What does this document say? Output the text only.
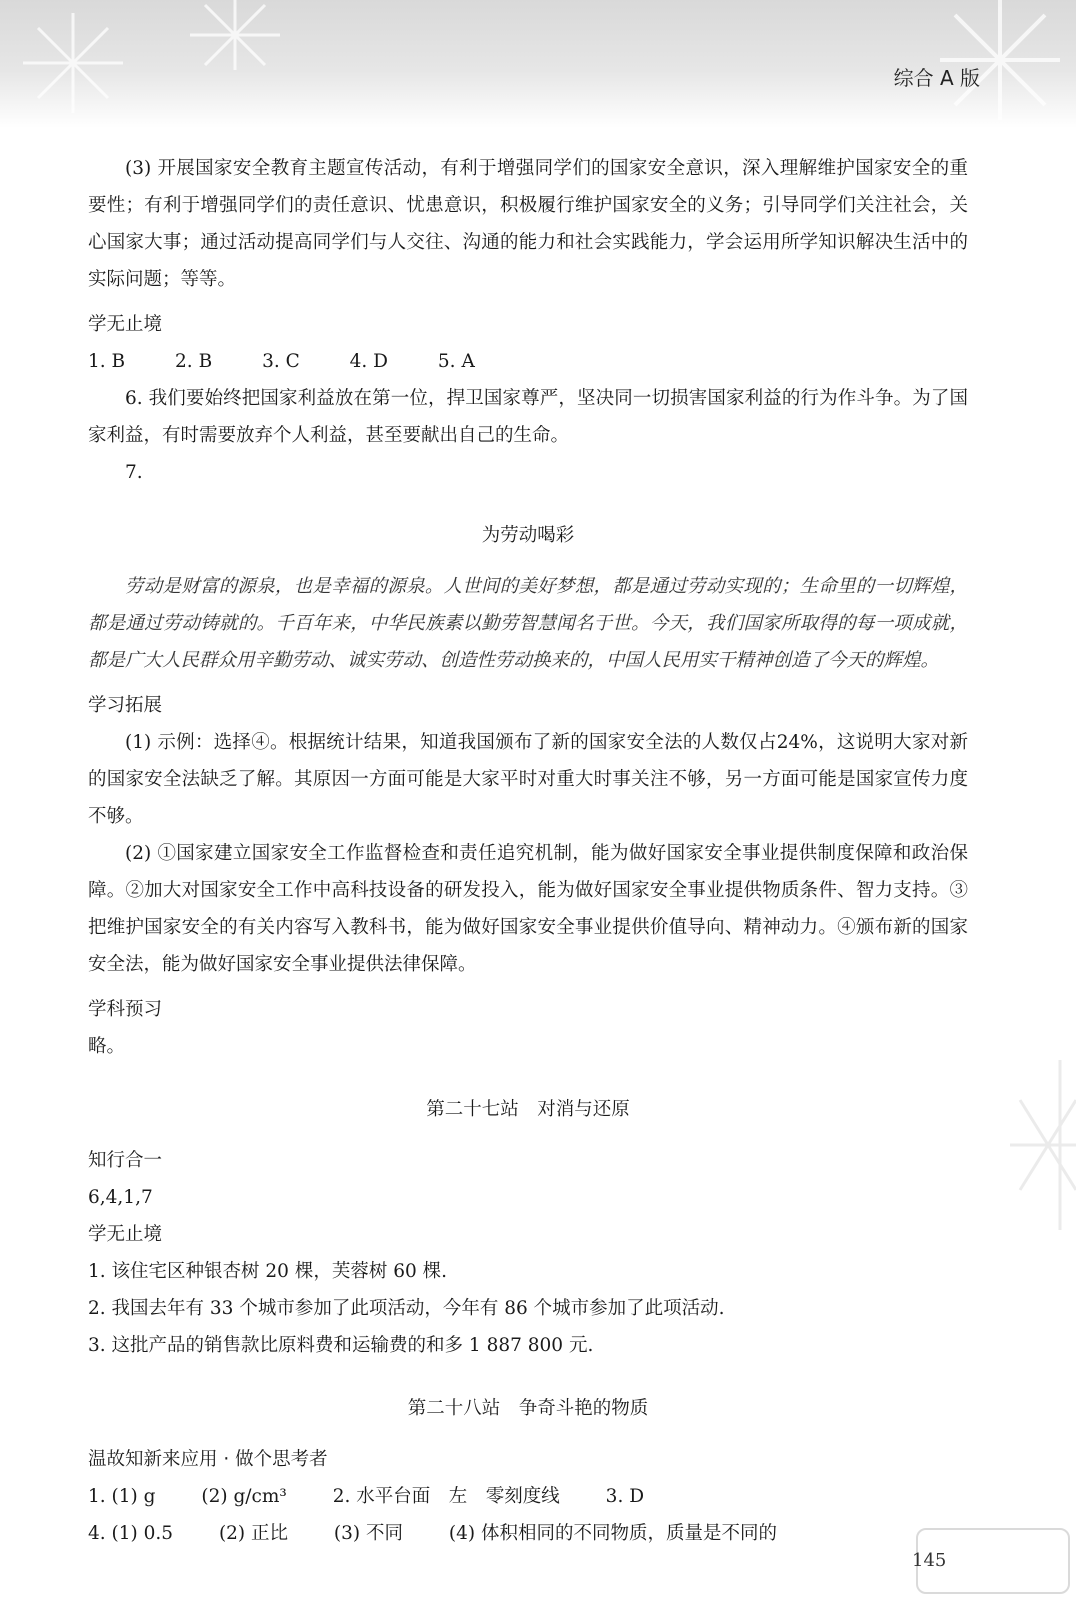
综合 A 版

(3) 开展国家安全教育主题宣传活动，有利于增强同学们的国家安全意识，深入理解维护国家安全的重要性；有利于增强同学们的责任意识、忧患意识，积极履行维护国家安全的义务；引导同学们关注社会，关心国家大事；通过活动提高同学们与人交往、沟通的能力和社会实践能力，学会运用所学知识解决生活中的实际问题；等等。

学无止境
1. B	2. B	3. C	4. D	5. A

6. 我们要始终把国家利益放在第一位，捍卫国家尊严，坚决同一切损害国家利益的行为作斗争。为了国家利益，有时需要放弃个人利益，甚至要献出自己的生命。

7.

为劳动喝彩

劳动是财富的源泉，也是幸福的源泉。人世间的美好梦想，都是通过劳动实现的；生命里的一切辉煌，都是通过劳动铸就的。千百年来，中华民族素以勤劳智慧闻名于世。今天，我们国家所取得的每一项成就，都是广大人民群众用辛勤劳动、诚实劳动、创造性劳动换来的，中国人民用实干精神创造了今天的辉煌。

学习拓展

(1) 示例：选择④。根据统计结果，知道我国颁布了新的国家安全法的人数仅占24%，这说明大家对新的国家安全法缺乏了解。其原因一方面可能是大家平时对重大时事关注不够，另一方面可能是国家宣传力度不够。

(2) ①国家建立国家安全工作监督检查和责任追究机制，能为做好国家安全事业提供制度保障和政治保障。②加大对国家安全工作中高科技设备的研发投入，能为做好国家安全事业提供物质条件、智力支持。③把维护国家安全的有关内容写入教科书，能为做好国家安全事业提供价值导向、精神动力。④颁布新的国家安全法，能为做好国家安全事业提供法律保障。

学科预习

略。

第二十七站　对消与还原
知行合一

6,4,1,7

学无止境

1. 该住宅区种银杏树 20 棵，芙蓉树 60 棵.

2. 我国去年有 33 个城市参加了此项活动，今年有 86 个城市参加了此项活动.

3. 这批产品的销售款比原料费和运输费的和多 1 887 800 元.

第二十八站　争奇斗艳的物质
温故知新来应用 · 做个思考者
1. (1) g (2) g/cm³ 2. 水平台面　左　零刻度线 3. D
4. (1) 0.5 (2) 正比 (3) 不同 (4) 体积相同的不同物质，质量是不同的
145
